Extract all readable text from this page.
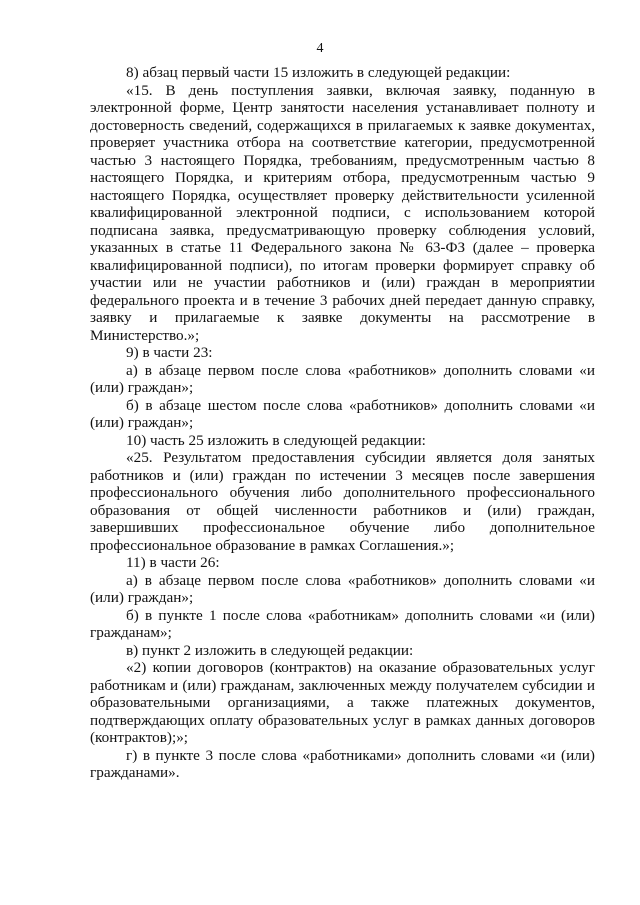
4

8) абзац первый части 15 изложить в следующей редакции:

«15. В день поступления заявки, включая заявку, поданную в электронной форме, Центр занятости населения устанавливает полноту и достоверность сведений, содержащихся в прилагаемых к заявке документах, проверяет участника отбора на соответствие категории, предусмотренной частью 3 настоящего Порядка, требованиям, предусмотренным частью 8 настоящего Порядка, и критериям отбора, предусмотренным частью 9 настоящего Порядка, осуществляет проверку действительности усиленной квалифицированной электронной подписи, с использованием которой подписана заявка, предусматривающую проверку соблюдения условий, указанных в статье 11 Федерального закона № 63-ФЗ (далее – проверка квалифицированной подписи), по итогам проверки формирует справку об участии или не участии работников и (или) граждан в мероприятии федерального проекта и в течение 3 рабочих дней передает данную справку, заявку и прилагаемые к заявке документы на рассмотрение в Министерство.»;

9) в части 23:

а) в абзаце первом после слова «работников» дополнить словами «и (или) граждан»;

б) в абзаце шестом после слова «работников» дополнить словами «и (или) граждан»;

10) часть 25 изложить в следующей редакции:

«25. Результатом предоставления субсидии является доля занятых работников и (или) граждан по истечении 3 месяцев после завершения профессионального обучения либо дополнительного профессионального образования от общей численности работников и (или) граждан, завершивших профессиональное обучение либо дополнительное профессиональное образование в рамках Соглашения.»;

11) в части 26:

а) в абзаце первом после слова «работников» дополнить словами «и (или) граждан»;

б) в пункте 1 после слова «работникам» дополнить словами «и (или) гражданам»;

в) пункт 2 изложить в следующей редакции:

«2) копии договоров (контрактов) на оказание образовательных услуг работникам и (или) гражданам, заключенных между получателем субсидии и образовательными организациями, а также платежных документов, подтверждающих оплату образовательных услуг в рамках данных договоров (контрактов);»;

г) в пункте 3 после слова «работниками» дополнить словами «и (или) гражданами».
